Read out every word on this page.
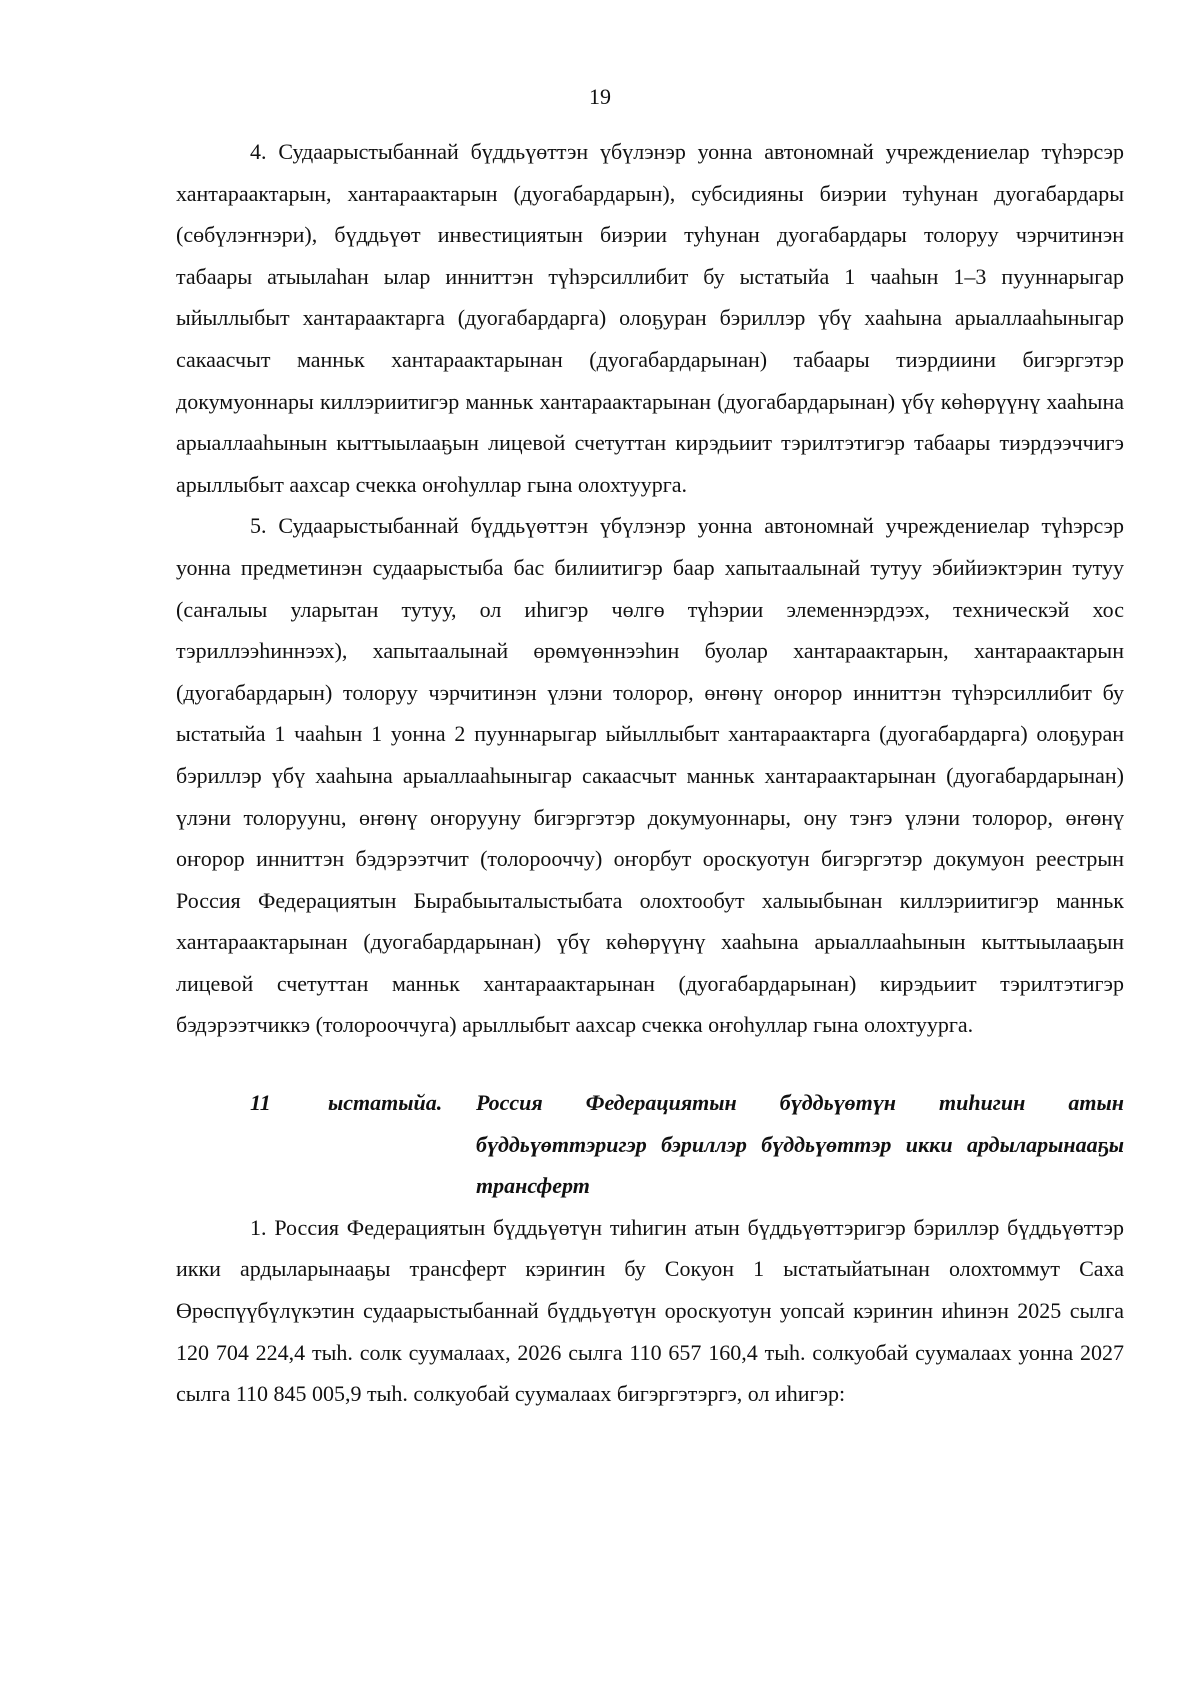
19

4. Судаарыстыбаннай бүддьүөттэн үбүлэнэр уонна автономнай учреждениелар түһэрсэр хантараактарын, хантараактарын (дуогабардарын), субсидияны биэрии туһунан дуогабардары (сөбүлэҥнэри), бүддьүөт инвестициятын биэрии туһунан дуогабардары толоруу чэрчитинэн табаары атыылаһан ылар инниттэн түһэрсиллибит бу ыстатыйа 1 чааһын 1–3 пууннарыгар ыйыллыбыт хантараактарга (дуогабардарга) олоҕуран бэриллэр үбү хааһына арыаллааһыныгар сакаасчыт манньк хантараактарынан (дуогабардарынан) табаары тиэрдиини бигэргэтэр докумуоннары киллэриитигэр манньк хантараактарынан (дуогабардарынан) үбү көһөрүүнү хааһына арыаллааһынын кыттыылааҕын лицевой счетуттан кирэдьиит тэрилтэтигэр табаары тиэрдээччигэ арыллыбыт аахсар счекка оҥоһуллар гына олохтуурга.

5. Судаарыстыбаннай бүддьүөттэн үбүлэнэр уонна автономнай учреждениелар түһэрсэр уонна предметинэн судаарыстыба бас билиитигэр баар хапытаалынай тутуу эбийиэктэрин тутуу (саҥалыы уларытан тутуу, ол иһигэр чөлгө түһэрии элеменнэрдээх, техническэй хос тэриллээһиннээх), хапытаалынай өрөмүөннээһин буолар хантараактарын, хантараактарын (дуогабардарын) толоруу чэрчитинэн үлэни толорор, өҥөнү оҥорор инниттэн түһэрсиллибит бу ыстатыйа 1 чааһын 1 уонна 2 пууннарыгар ыйыллыбыт хантараактарга (дуогабардарга) олоҕуран бэриллэр үбү хааһына арыаллааһыныгар сакаасчыт манньк хантараактарынан (дуогабардарынан) үлэни толоруунu, өҥөнү оҥорууну бигэргэтэр докумуоннары, ону тэҥэ үлэни толорор, өҥөнү оҥорор инниттэн бэдэрээтчит (толорооччу) оҥорбут ороскуотун бигэргэтэр докумуон реестрын Россия Федерациятын Бырабыыталыстыбата олохтообут халыыбынан киллэриитигэр манньк хантараактарынан (дуогабардарынан) үбү көһөрүүнү хааһына арыаллааһынын кыттыылааҕын лицевой счетуттан манньк хантараактарынан (дуогабардарынан) кирэдьиит тэрилтэтигэр бэдэрээтчиккэ (толорооччуга) арыллыбыт аахсар счекка оҥоһуллар гына олохтуурга.

11	ыстатыйа.	Россия Федерациятын бүддьүөтүн тиһигин атын бүддьүөттэригэр бэриллэр бүддьүөттэр икки ардыларынааҕы трансферт

1. Россия Федерациятын бүддьүөтүн тиһигин атын бүддьүөттэригэр бэриллэр бүддьүөттэр икки ардыларынааҕы трансферт кэриҥин бу Сокуон 1 ыстатыйатынан олохтоммут Саха Өрөспүүбүлүкэтин судаарыстыбаннай бүддьүөтүн ороскуотун уопсай кэриҥин иһинэн 2025 сылга 120 704 224,4 тыһ. солк суумалаах, 2026 сылга 110 657 160,4 тыһ. солкуобай суумалаах уонна 2027 сылга 110 845 005,9 тыһ. солкуобай суумалаах бигэргэтэргэ, ол иһигэр:
